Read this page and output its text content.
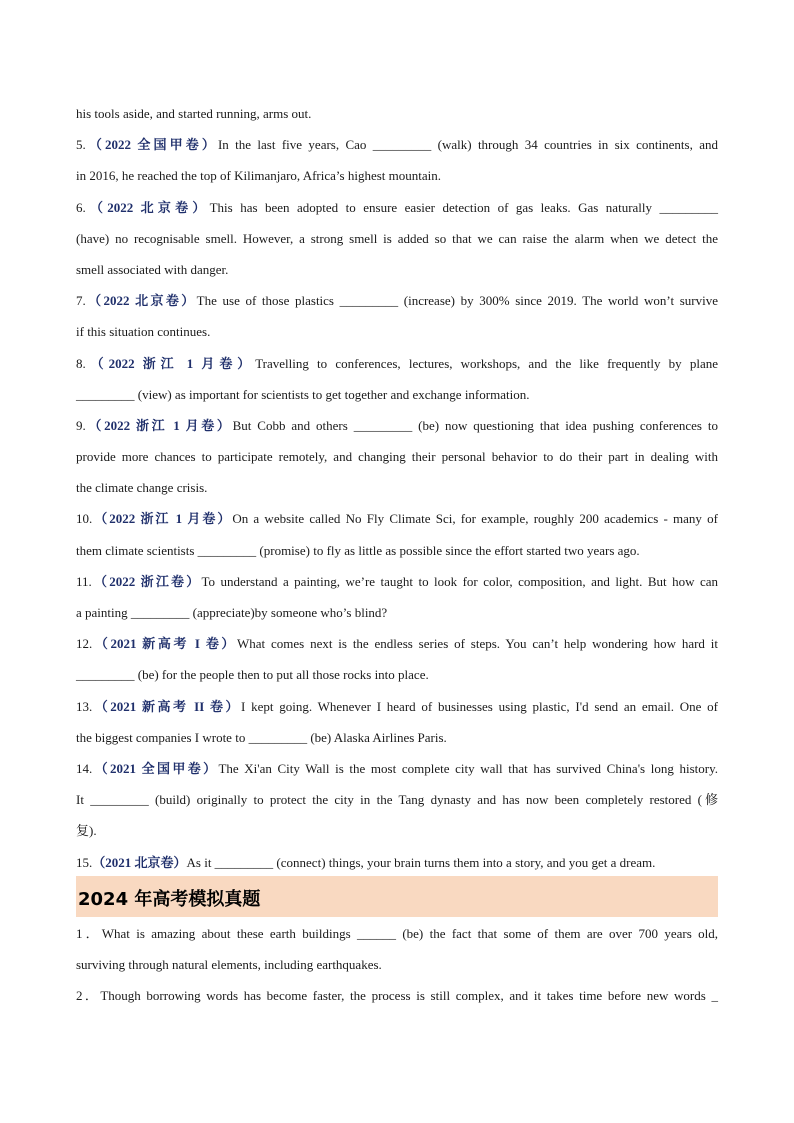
his tools aside, and started running, arms out.
5.（2022 全国甲卷）In the last five years, Cao _________ (walk) through 34 countries in six continents, and
in 2016, he reached the top of Kilimanjaro, Africa’s highest mountain.
6.（2022 北京卷）This has been adopted to ensure easier detection of gas leaks. Gas naturally _________
(have) no recognisable smell. However, a strong smell is added so that we can raise the alarm when we detect the
smell associated with danger.
7.（2022 北京卷）The use of those plastics _________ (increase) by 300% since 2019. The world won’t survive
if this situation continues.
8.（2022 浙江 1 月卷）Travelling to conferences, lectures, workshops, and the like frequently by plane
_________ (view) as important for scientists to get together and exchange information.
9.（2022 浙江 1 月卷）But Cobb and others _________ (be) now questioning that idea pushing conferences to
provide more chances to participate remotely, and changing their personal behavior to do their part in dealing with
the climate change crisis.
10.（2022 浙江 1 月卷）On a website called No Fly Climate Sci, for example, roughly 200 academics - many of
them climate scientists _________ (promise) to fly as little as possible since the effort started two years ago.
11.（2022 浙江卷）To understand a painting, we’re taught to look for color, composition, and light. But how can
a painting _________ (appreciate)by someone who’s blind?
12.（2021 新高考 I 卷）What comes next is the endless series of steps. You can’t help wondering how hard it
_________ (be) for the people then to put all those rocks into place.
13.（2021 新高考 II 卷）I kept going. Whenever I heard of businesses using plastic, I'd send an email. One of
the biggest companies I wrote to _________ (be) Alaska Airlines Paris.
14.（2021 全国甲卷）The Xi'an City Wall is the most complete city wall that has survived China's long history.
It _________ (build) originally to protect the city in the Tang dynasty and has now been completely restored (修
复).
15.（2021 北京卷）As it _________ (connect) things, your brain turns them into a story, and you get a dream.
2024 年高考模拟真题
1．What is amazing about these earth buildings ______ (be) the fact that some of them are over 700 years old,
surviving through natural elements, including earthquakes.
2．Though borrowing words has become faster, the process is still complex, and it takes time before new words _
